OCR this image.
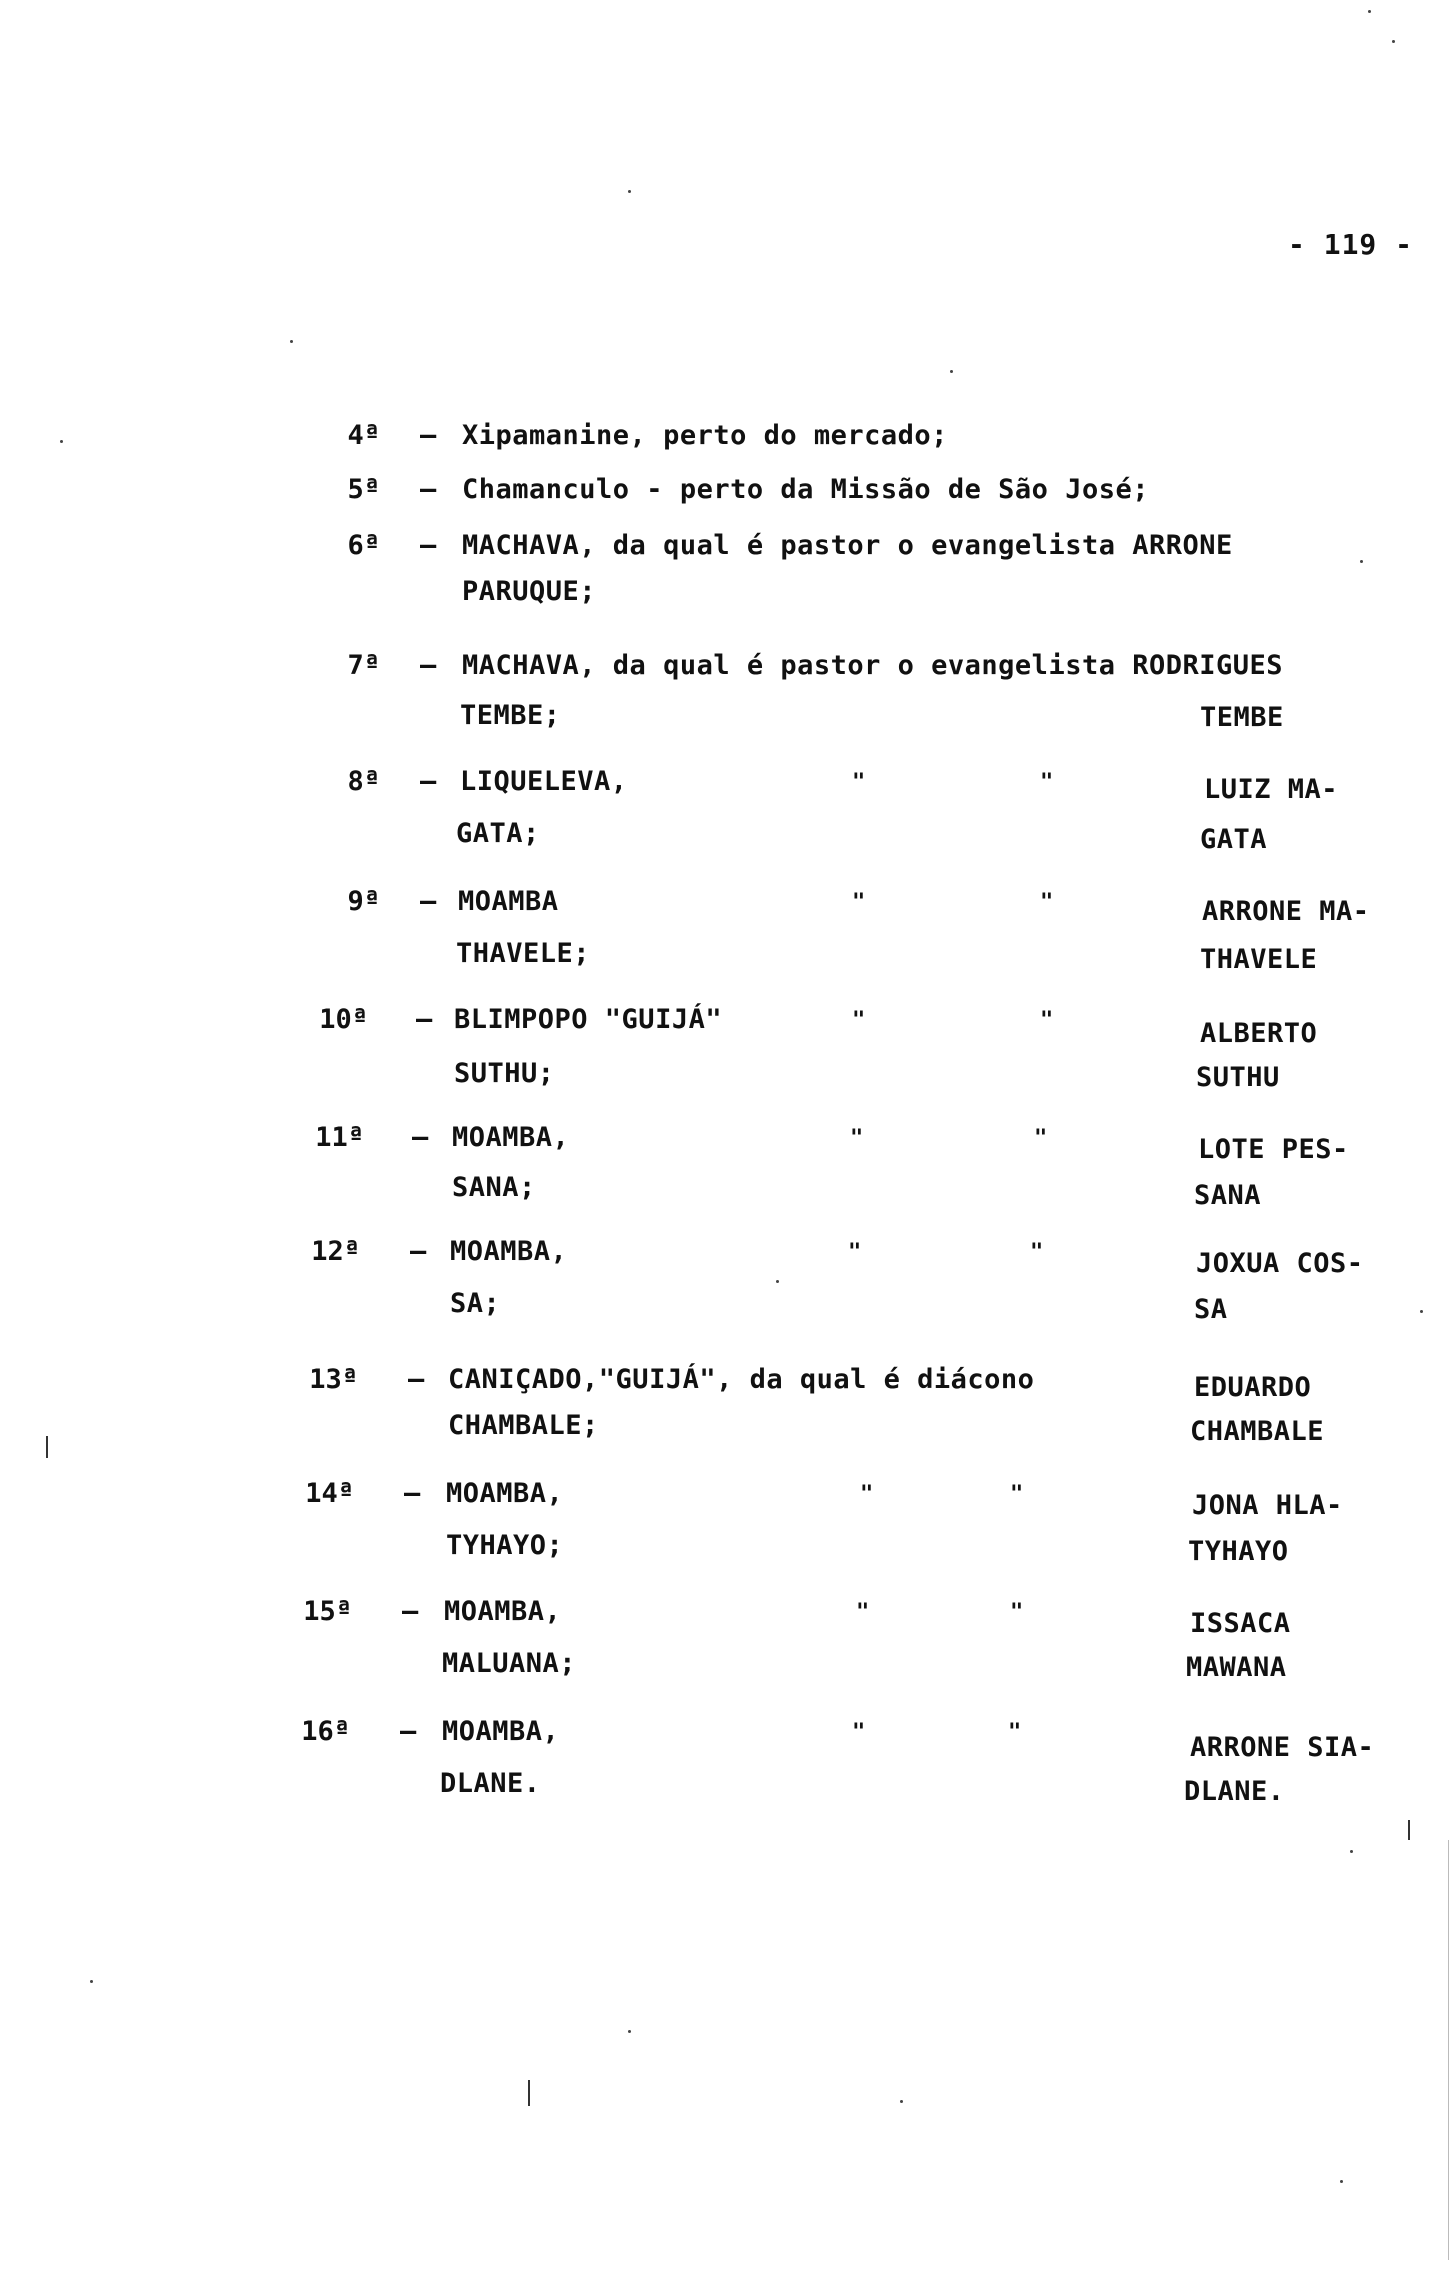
- 119 -
4ª – Xipamanine, perto do mercado;
5ª – Chamanculo - perto da Missão de São José;
6ª – MACHAVA, da qual é pastor o evangelista ARRONE
PARUQUE;
7ª – MACHAVA, da qual é pastor o evangelista RODRIGUES
TEMBE;	TEMBE
8ª – LIQUELEVA,	"	"	LUIZ MA-
GATA;	GATA
9ª – MOAMBA	"	"	ARRONE MA-
THAVELE;	THAVELE
10ª – BLIMPOPO "GUIJÁ"	"	"	ALBERTO
SUTHU;	SUTHU
11ª – MOAMBA,	"	"	LOTE PES-
SANA;	SANA
12ª – MOAMBA,	"	"	JOXUA COS-
SA;	SA
13ª – CANIÇADO,"GUIJÁ", da qual é diácono	EDUARDO
CHAMBALE;	CHAMBALE
14ª – MOAMBA,	"	"	JONA HLA-
TYHAYO;	TYHAYO
15ª – MOAMBA,	"	"	ISSACA
MALUANA;	MAWANA
16ª – MOAMBA,	"	"	ARRONE SIA-
DLANE.	DLANE.
